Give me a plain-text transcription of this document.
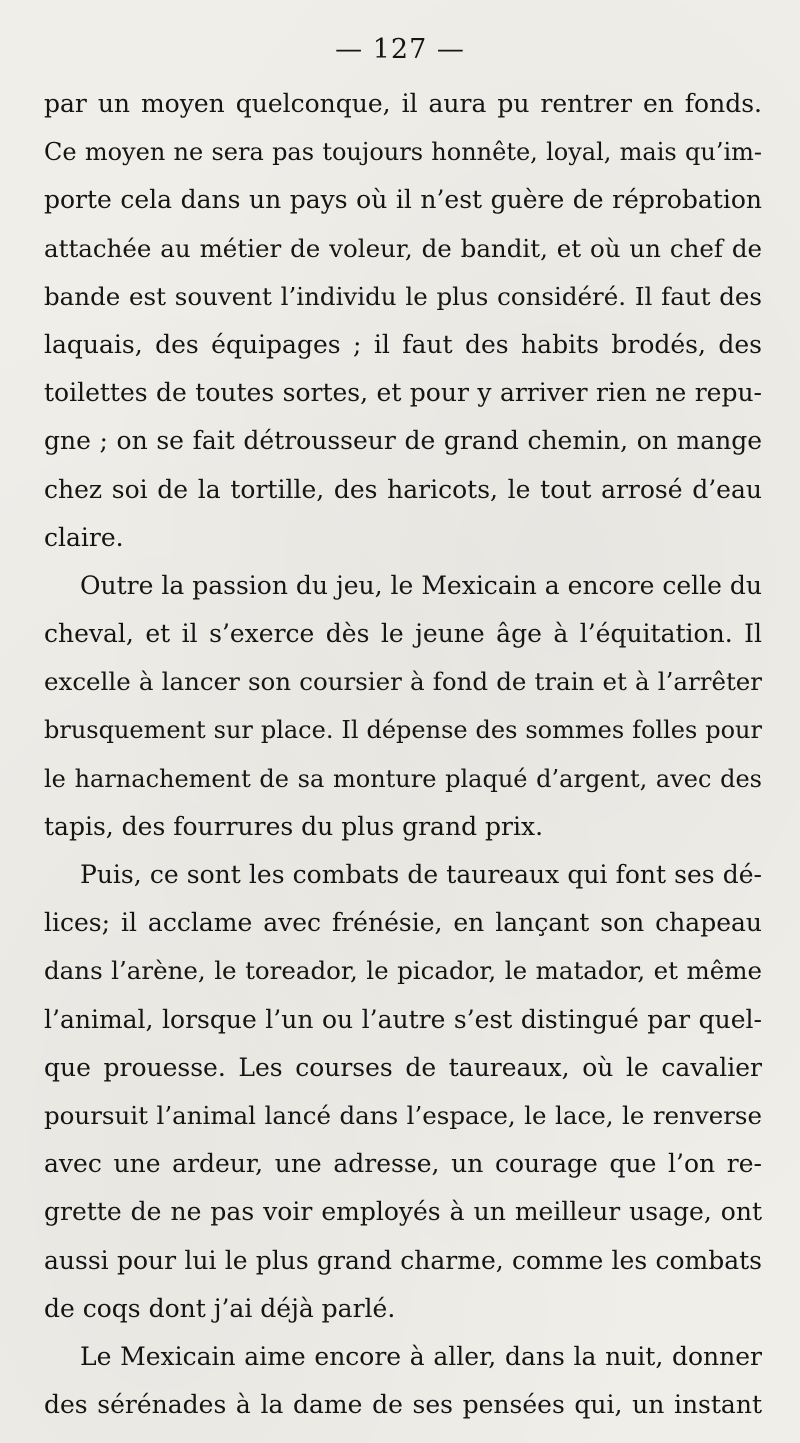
— 127 —
par un moyen quelconque, il aura pu rentrer en fonds.
Ce moyen ne sera pas toujours honnête, loyal, mais qu’im-
porte cela dans un pays où il n’est guère de réprobation
attachée au métier de voleur, de bandit, et où un chef de
bande est souvent l’individu le plus considéré. Il faut des
laquais, des équipages ; il faut des habits brodés, des
toilettes de toutes sortes, et pour y arriver rien ne repu-
gne ; on se fait détrousseur de grand chemin, on mange
chez soi de la tortille, des haricots, le tout arrosé d’eau
claire.
Outre la passion du jeu, le Mexicain a encore celle du
cheval, et il s’exerce dès le jeune âge à l’équitation. Il
excelle à lancer son coursier à fond de train et à l’arrêter
brusquement sur place. Il dépense des sommes folles pour
le harnachement de sa monture plaqué d’argent, avec des
tapis, des fourrures du plus grand prix.
Puis, ce sont les combats de taureaux qui font ses dé-
lices; il acclame avec frénésie, en lançant son chapeau
dans l’arène, le toreador, le picador, le matador, et même
l’animal, lorsque l’un ou l’autre s’est distingué par quel-
que prouesse. Les courses de taureaux, où le cavalier
poursuit l’animal lancé dans l’espace, le lace, le renverse
avec une ardeur, une adresse, un courage que l’on re-
grette de ne pas voir employés à un meilleur usage, ont
aussi pour lui le plus grand charme, comme les combats
de coqs dont j’ai déjà parlé.
Le Mexicain aime encore à aller, dans la nuit, donner
des sérénades à la dame de ses pensées qui, un instant
